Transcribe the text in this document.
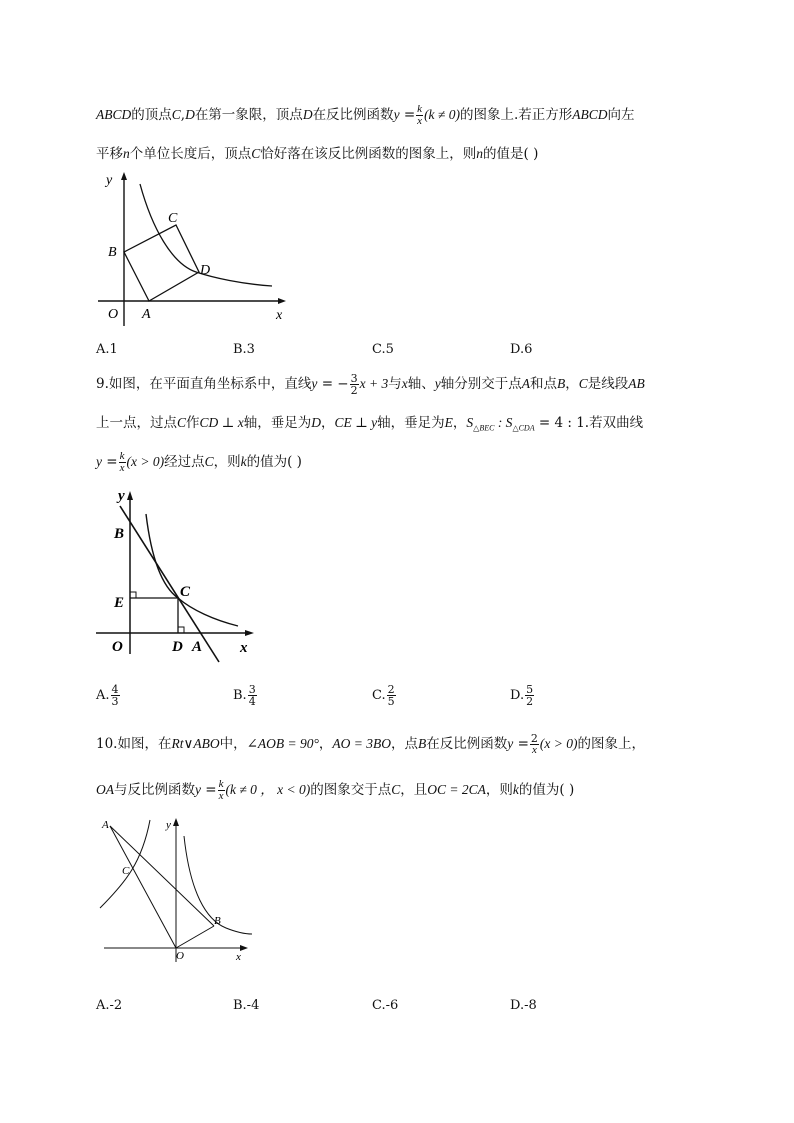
ABCD的顶点C,D在第一象限，顶点D在反比例函数$y = \frac{k}{x} (k \ne 0)$的图象上.若正方形ABCD向左
平移n个单位长度后，顶点C恰好落在该反比例函数的图象上，则n的值是( )
y
x
O A
B
C
D
A.1	B.3	C.5	D.6
9.如图，在平面直角坐标系中，直线y = − $\frac{3}{2}$ x + 3与x轴、y轴分别交于点A和点B，C是线段AB
上一点，过点C作CD ⊥ x轴，垂足为D，CE ⊥ y轴，垂足为E，$S_{\triangle BEC}$ : $S_{\triangle CDA} = 4$ : 1.若双曲线
$y = \frac{k}{x} (x > 0)$经过点C，则k的值为( )
y
x
O
B
E
C
D A
A. $\frac{4}{3}$	B. $\frac{3}{4}$	C. $\frac{2}{5}$	D. $\frac{5}{2}$
10.如图，在Rt∨ABO中，∠AOB = 90°，AO = 3BO，点B在反比例函数$y = \frac{2}{x} (x > 0)$的图象上，
OA与反比例函数$y = \frac{k}{x} (k \ne 0$ ， x < 0)的图象交于点C，且OC = 2CA，则k的值为( )
A
C
B
O
y
x
A.-2	B.-4	C.-6	D.-8
